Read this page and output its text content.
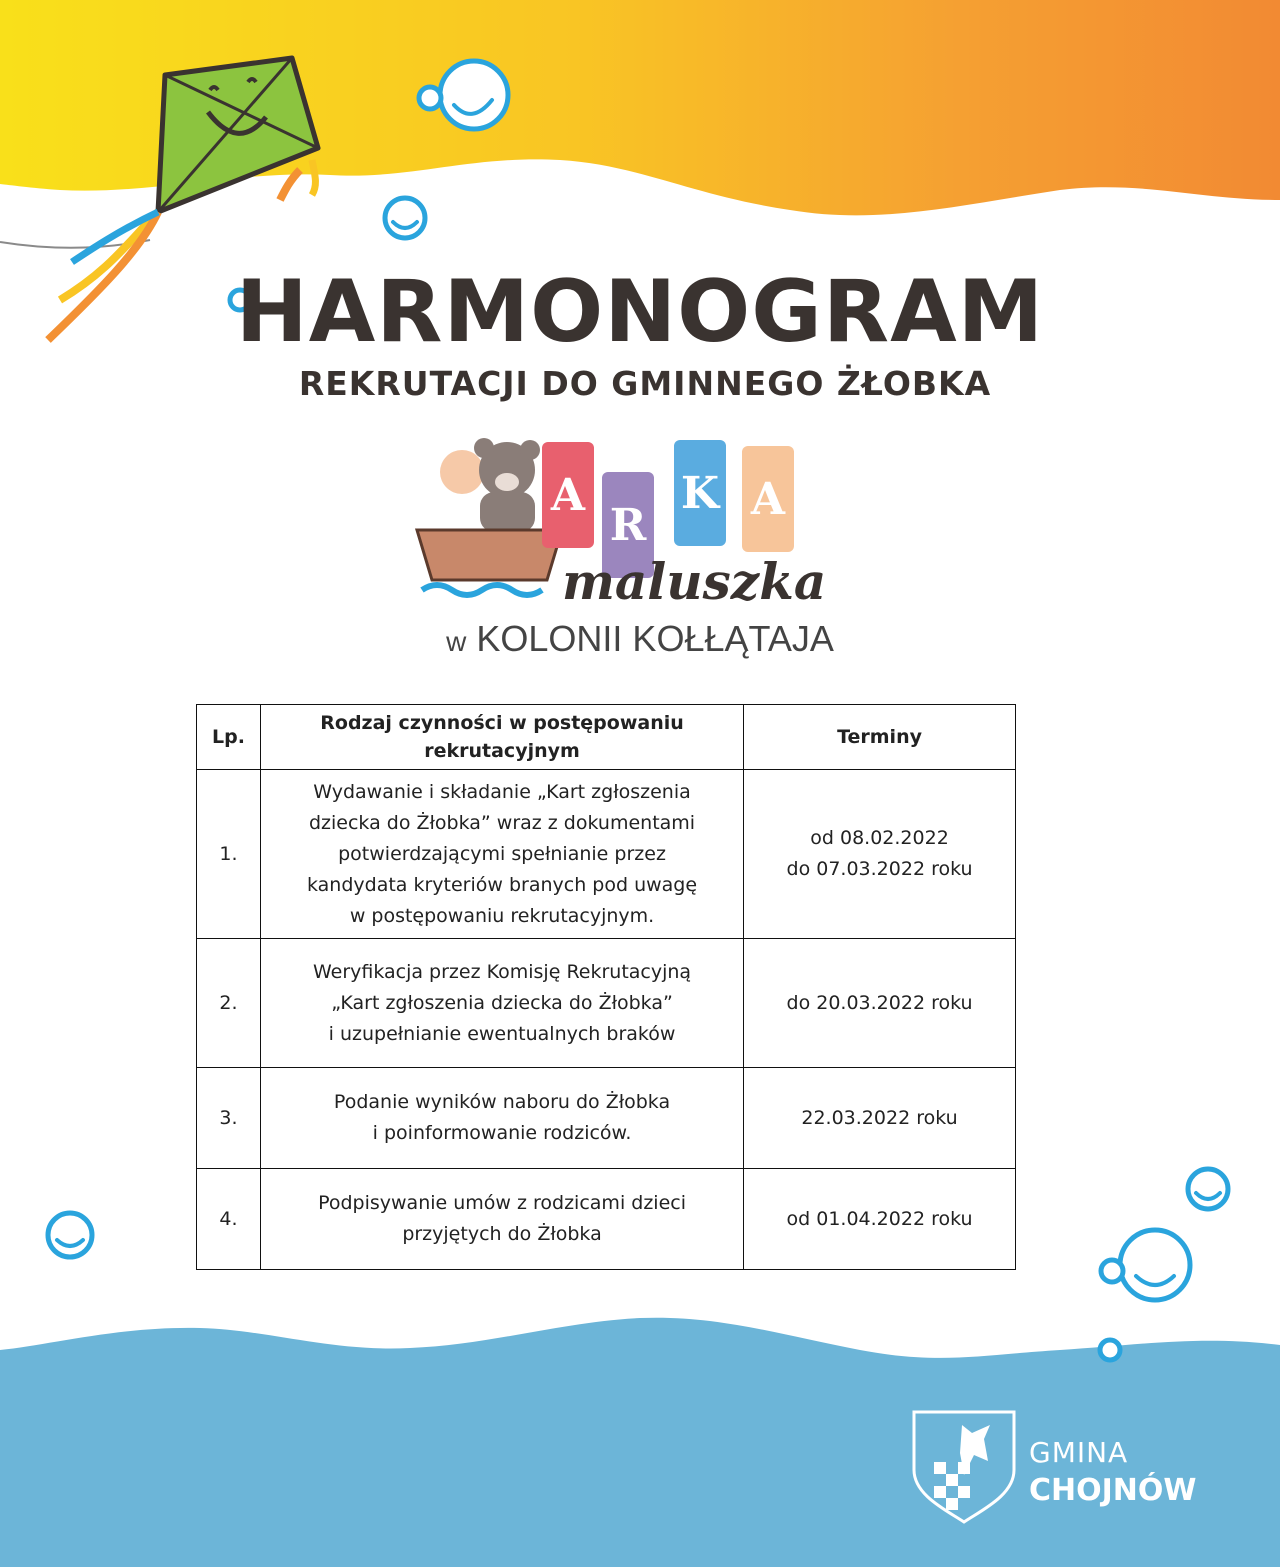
HARMONOGRAM
REKRUTACJI DO GMINNEGO ŻŁOBKA
A
R
K A
maluszka
w KOLONII KOŁŁĄTAJA
Lp.	Rodzaj czynności w postępowaniu rekrutacyjnym	Terminy
1.	Wydawanie i składanie „Kart zgłoszenia
dziecka do Żłobka” wraz z dokumentami
potwierdzającymi spełnianie przez
kandydata kryteriów branych pod uwagę
w postępowaniu rekrutacyjnym.	od 08.02.2022
do 07.03.2022 roku
2.	Weryfikacja przez Komisję Rekrutacyjną
„Kart zgłoszenia dziecka do Żłobka”
i uzupełnianie ewentualnych braków	do 20.03.2022 roku
3.	Podanie wyników naboru do Żłobka
i poinformowanie rodziców.	22.03.2022 roku
4.	Podpisywanie umów z rodzicami dzieci
przyjętych do Żłobka	od 01.04.2022 roku
GMINA
CHOJNÓW
